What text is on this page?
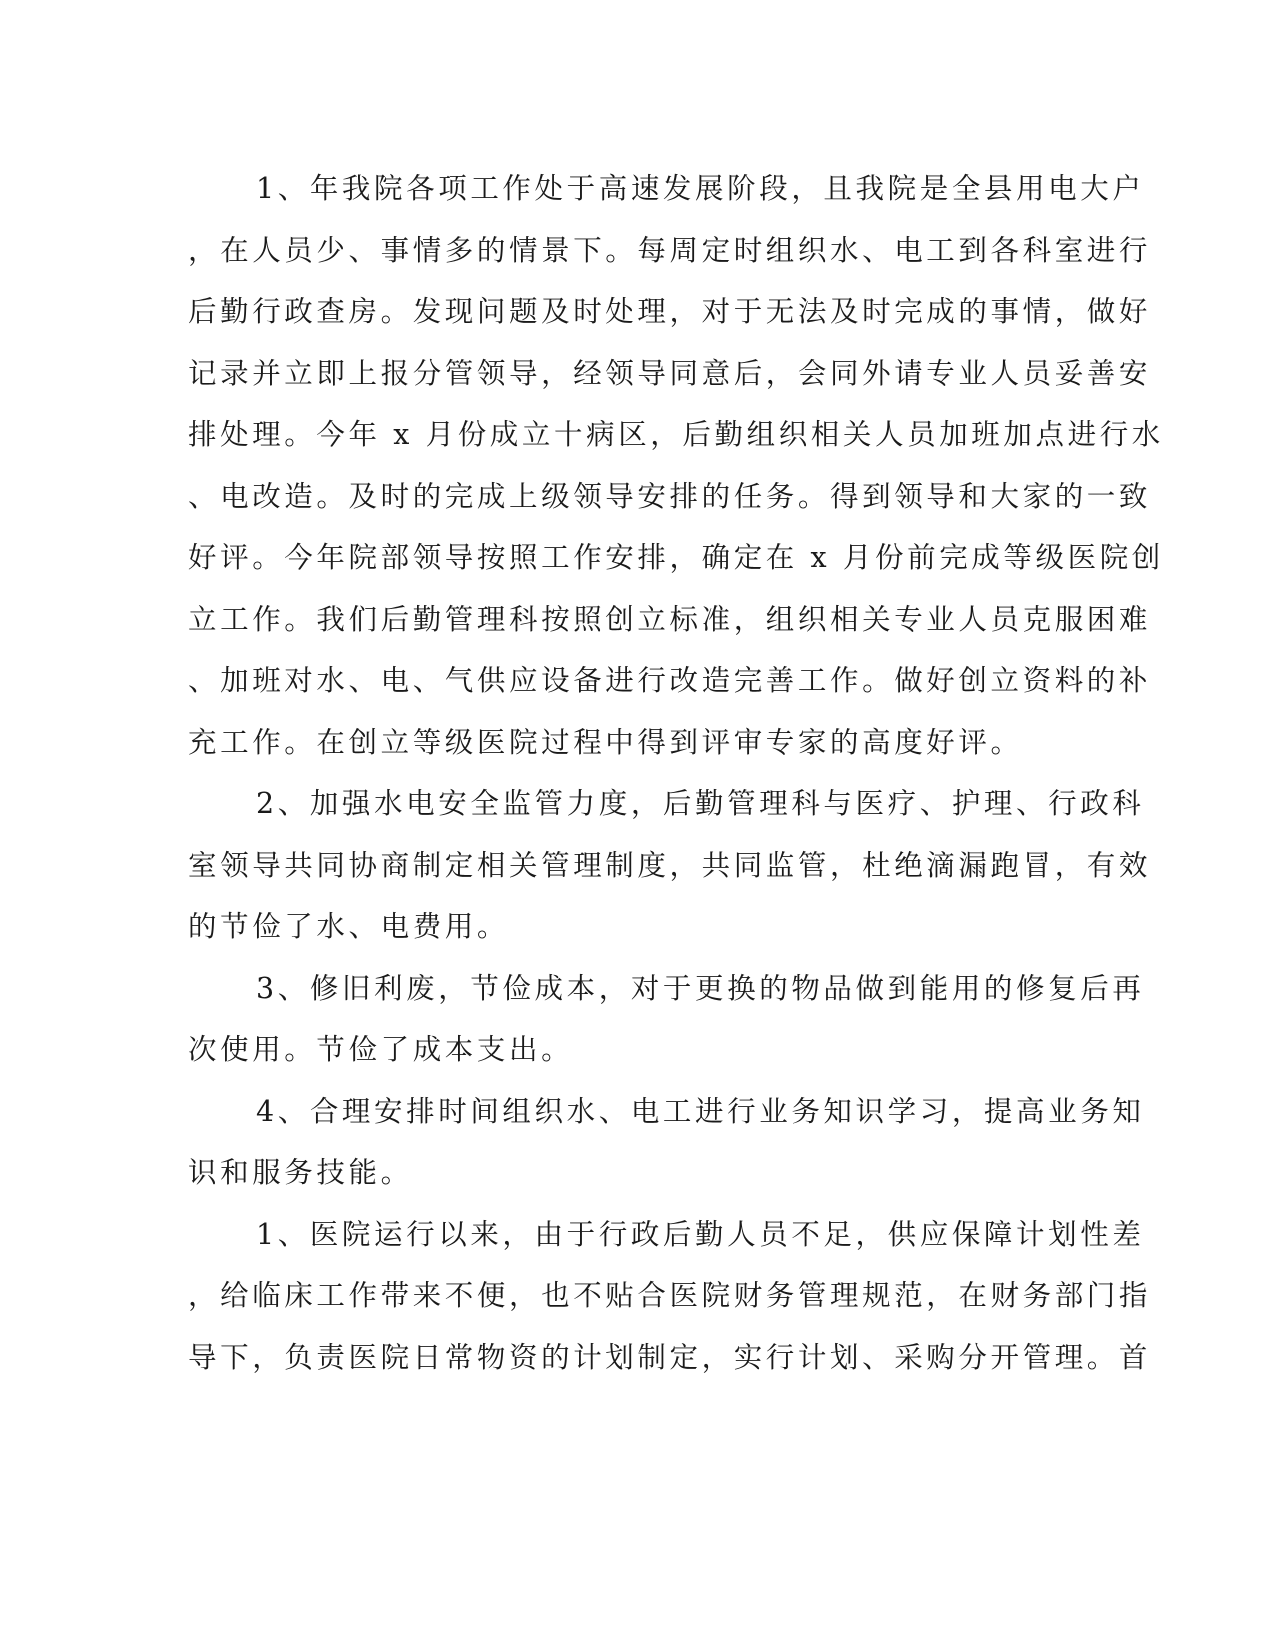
1、年我院各项工作处于高速发展阶段，且我院是全县用电大户
，在人员少、事情多的情景下。每周定时组织水、电工到各科室进行
后勤行政查房。发现问题及时处理，对于无法及时完成的事情，做好
记录并立即上报分管领导，经领导同意后，会同外请专业人员妥善安
排处理。今年 x 月份成立十病区，后勤组织相关人员加班加点进行水
、电改造。及时的完成上级领导安排的任务。得到领导和大家的一致
好评。今年院部领导按照工作安排，确定在 x 月份前完成等级医院创
立工作。我们后勤管理科按照创立标准，组织相关专业人员克服困难
、加班对水、电、气供应设备进行改造完善工作。做好创立资料的补
充工作。在创立等级医院过程中得到评审专家的高度好评。
2、加强水电安全监管力度，后勤管理科与医疗、护理、行政科
室领导共同协商制定相关管理制度，共同监管，杜绝滴漏跑冒，有效
的节俭了水、电费用。
3、修旧利废，节俭成本，对于更换的物品做到能用的修复后再
次使用。节俭了成本支出。
4、合理安排时间组织水、电工进行业务知识学习，提高业务知
识和服务技能。
1、医院运行以来，由于行政后勤人员不足，供应保障计划性差
，给临床工作带来不便，也不贴合医院财务管理规范，在财务部门指
导下，负责医院日常物资的计划制定，实行计划、采购分开管理。首
